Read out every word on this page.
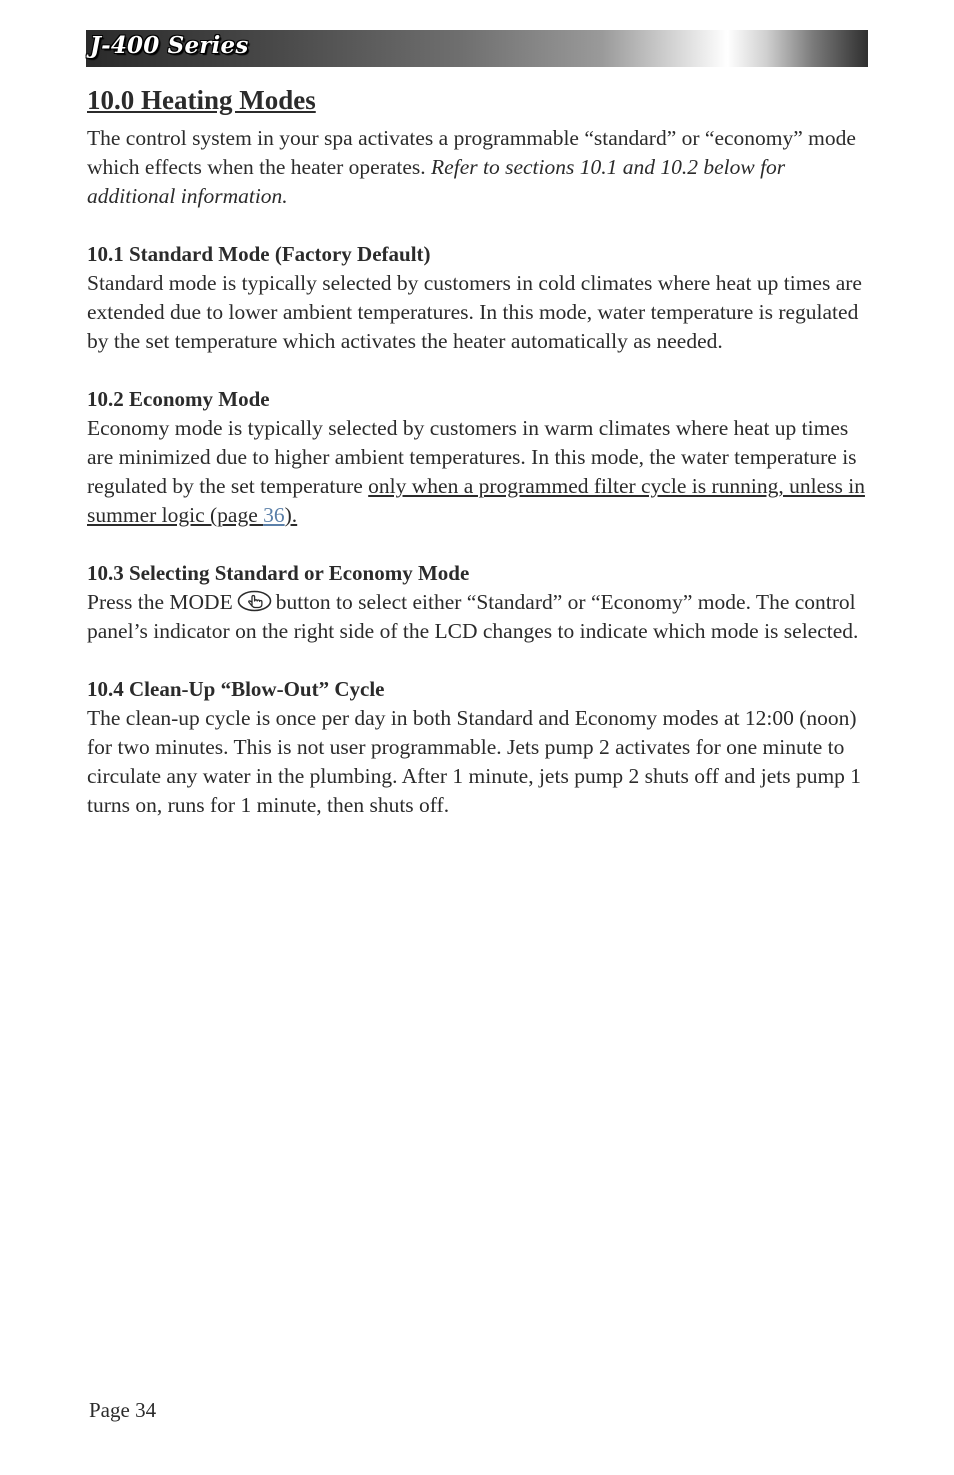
J-400 Series
10.0 Heating Modes

The control system in your spa activates a programmable “standard” or “economy” mode which effects when the heater operates. Refer to sections 10.1 and 10.2 below for additional information.

10.1 Standard Mode (Factory Default)

Standard mode is typically selected by customers in cold climates where heat up times are extended due to lower ambient temperatures. In this mode, water temperature is regulated by the set temperature which activates the heater automatically as needed.

10.2 Economy Mode

Economy mode is typically selected by customers in warm climates where heat up times are minimized due to higher ambient temperatures. In this mode, the water temperature is regulated by the set temperature only when a programmed filter cycle is running, unless in summer logic (page 36).

10.3 Selecting Standard or Economy Mode

Press the MODE button to select either “Standard” or “Economy” mode. The control panel’s indicator on the right side of the LCD changes to indicate which mode is selected.

10.4 Clean-Up “Blow-Out” Cycle

The clean-up cycle is once per day in both Standard and Economy modes at 12:00 (noon) for two minutes. This is not user programmable. Jets pump 2 activates for one minute to circulate any water in the plumbing. After 1 minute, jets pump 2 shuts off and jets pump 1 turns on, runs for 1 minute, then shuts off.

Page 34
